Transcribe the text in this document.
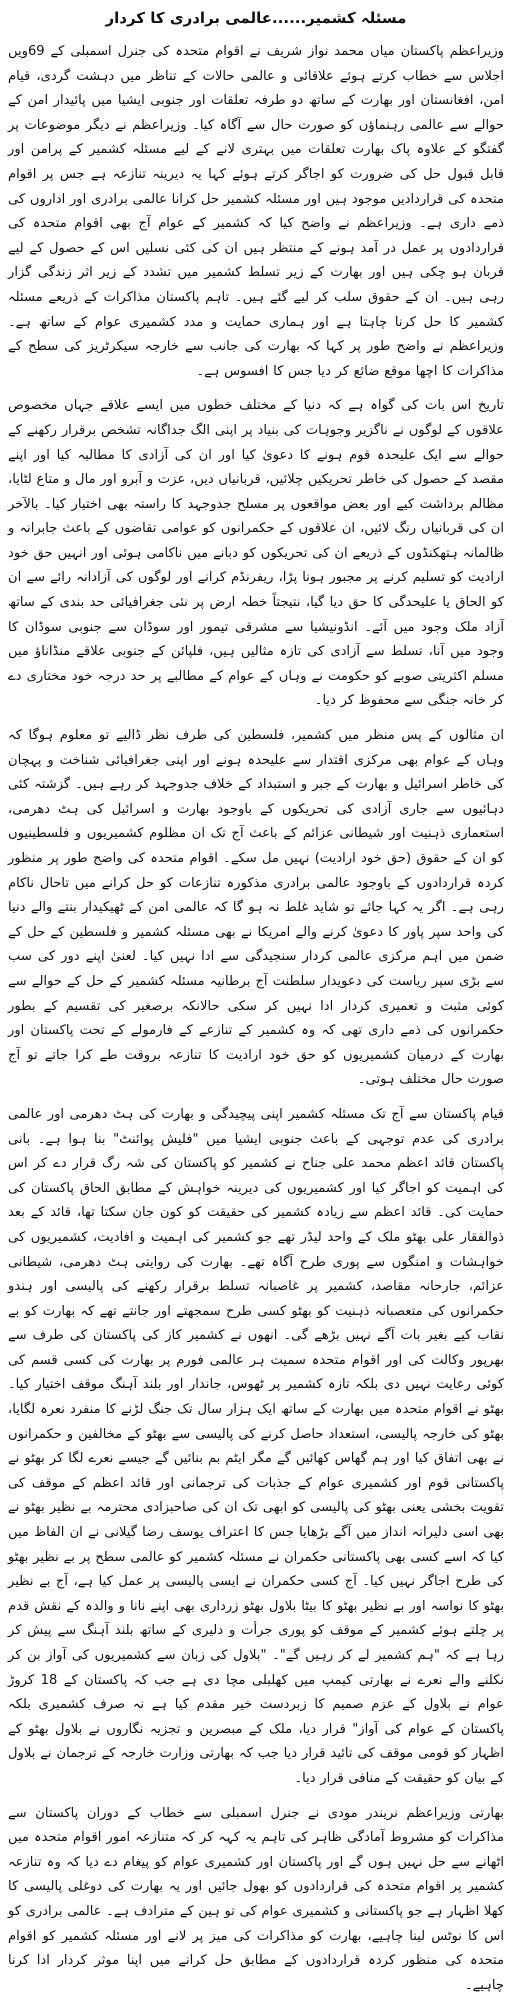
مسئلہ کشمیر......عالمی برادری کا کردار

وزیراعظم پاکستان میاں محمد نواز شریف نے اقوام متحدہ کی جنرل اسمبلی کے 69ویں اجلاس سے خطاب کرتے ہوئے علاقائی و عالمی حالات کے تناظر میں دہشت گردی، قیام امن، افغانستان اور بھارت کے ساتھ دو طرفہ تعلقات اور جنوبی ایشیا میں پائیدار امن کے حوالے سے عالمی رہنماؤں کو صورت حال سے آگاہ کیا۔ وزیراعظم نے دیگر موضوعات پر گفتگو کے علاوہ پاک بھارت تعلقات میں بہتری لانے کے لیے مسئلہ کشمیر کے پرامن اور قابل قبول حل کی ضرورت کو اجاگر کرتے ہوئے کہا یہ دیرینہ تنازعہ ہے جس پر اقوام متحدہ کی قراردادیں موجود ہیں اور مسئلہ کشمیر حل کرانا عالمی برادری اور اداروں کی ذمے داری ہے۔ وزیراعظم نے واضح کیا کہ کشمیر کے عوام آج بھی اقوام متحدہ کی قراردادوں پر عمل در آمد ہونے کے منتظر ہیں ان کی کئی نسلیں اس کے حصول کے لیے قربان ہو چکی ہیں اور بھارت کے زیر تسلط کشمیر میں تشدد کے زیر اثر زندگی گزار رہی ہیں۔ ان کے حقوق سلب کر لیے گئے ہیں۔ تاہم پاکستان مذاکرات کے ذریعے مسئلہ کشمیر کا حل کرنا چاہتا ہے اور ہماری حمایت و مدد کشمیری عوام کے ساتھ ہے۔ وزیراعظم نے واضح طور پر کہا کہ بھارت کی جانب سے خارجہ سیکرٹریز کی سطح کے مذاکرات کا اچھا موقع ضائع کر دیا جس کا افسوس ہے۔

تاریخ اس بات کی گواہ ہے کہ دنیا کے مختلف خطوں میں ایسے علاقے جہاں مخصوص علاقوں کے لوگوں نے ناگزیر وجوہات کی بنیاد پر اپنی الگ جداگانہ تشخص برقرار رکھنے کے حوالے سے ایک علیحدہ قوم ہونے کا دعویٰ کیا اور ان کی آزادی کا مطالبہ کیا اور اپنے مقصد کے حصول کی خاطر تحریکیں چلائیں، قربانیاں دیں، عزت و آبرو اور مال و متاع لٹایا، مظالم برداشت کیے اور بعض مواقعوں پر مسلح جدوجہد کا راستہ بھی اختیار کیا۔ بالآخر ان کی قربانیاں رنگ لائیں، ان علاقوں کے حکمرانوں کو عوامی تقاضوں کے باعث جابرانہ و ظالمانہ ہتھکنڈوں کے ذریعے ان کی تحریکوں کو دبانے میں ناکامی ہوئی اور انہیں حق خود ارادیت کو تسلیم کرنے پر مجبور ہونا پڑا، ریفرنڈم کرانے اور لوگوں کی آزادانہ رائے سے ان کو الحاق یا علیحدگی کا حق دیا گیا، نتیجتاً خطہ ارض پر نئی جغرافیائی حد بندی کے ساتھ آزاد ملک وجود میں آئے۔ انڈونیشیا سے مشرقی تیمور اور سوڈان سے جنوبی سوڈان کا وجود میں آنا، تسلط سے آزادی کی تازہ مثالیں ہیں، فلپائن کے جنوبی علاقے منڈاناؤ میں مسلم اکثریتی صوبے کو حکومت نے وہاں کے عوام کے مطالبے پر حد درجہ خود مختاری دے کر خانہ جنگی سے محفوظ کر دیا۔

ان مثالوں کے پس منظر میں کشمیر، فلسطین کی طرف نظر ڈالیے تو معلوم ہوگا کہ وہاں کے عوام بھی مرکزی اقتدار سے علیحدہ ہونے اور اپنی جغرافیائی شناخت و پہچان کی خاطر اسرائیل و بھارت کے جبر و استبداد کے خلاف جدوجہد کر رہے ہیں۔ گزشتہ کئی دہائیوں سے جاری آزادی کی تحریکوں کے باوجود بھارت و اسرائیل کی ہٹ دھرمی، استعماری ذہنیت اور شیطانی عزائم کے باعث آج تک ان مظلوم کشمیریوں و فلسطینیوں کو ان کے حقوق (حق خود ارادیت) نہیں مل سکے۔ اقوام متحدہ کی واضح طور پر منظور کردہ قراردادوں کے باوجود عالمی برادری مذکورہ تنازعات کو حل کرانے میں تاحال ناکام رہی ہے۔ اگر یہ کہا جائے تو شاید غلط نہ ہو گا کہ عالمی امن کے ٹھیکیدار بنتے والے دنیا کی واحد سپر پاور کا دعویٰ کرنے والے امریکا نے بھی مسئلہ کشمیر و فلسطین کے حل کے ضمن میں اہم مرکزی عالمی کردار سنجیدگی سے ادا نہیں کیا۔ لعنیٰ اپنے دور کی سب سے بڑی سپر ریاست کی دعویدار سلطنت آج برطانیہ مسئلہ کشمیر کے حل کے حوالے سے کوئی مثبت و تعمیری کردار ادا نہیں کر سکی حالانکہ برصغیر کی تقسیم کے بطور حکمرانوں کی ذمے داری تھی کہ وہ کشمیر کے تنازعے کے فارمولے کے تحت پاکستان اور بھارت کے درمیان کشمیریوں کو حق خود ارادیت کا تنازعہ بروقت طے کرا جاتے تو آج صورت حال مختلف ہوتی۔

قیام پاکستان سے آج تک مسئلہ کشمیر اپنی پیچیدگی و بھارت کی ہٹ دھرمی اور عالمی برادری کی عدم توجہی کے باعث جنوبی ایشیا میں "فلیش پوائنٹ" بنا ہوا ہے۔ بانی پاکستان قائد اعظم محمد علی جناح نے کشمیر کو پاکستان کی شہ رگ قرار دے کر اس کی اہمیت کو اجاگر کیا اور کشمیریوں کی دیرینہ خواہش کے مطابق الحاق پاکستان کی حمایت کی۔ قائد اعظم سے زیادہ کشمیر کی حقیقت کو کون جان سکتا تھا، قائد کے بعد ذوالفقار علی بھٹو ملک کے واحد لیڈر تھے جو کشمیر کی اہمیت و افادیت، کشمیریوں کی خواہشات و امنگوں سے پوری طرح آگاہ تھے۔ بھارت کی روایتی ہٹ دھرمی، شیطانی عزائم، جارحانہ مقاصد، کشمیر پر غاصبانہ تسلط برقرار رکھنے کی پالیسی اور ہندو حکمرانوں کی متعصبانہ ذہنیت کو بھٹو کسی طرح سمجھتے اور جانتے تھے کہ بھارت کو بے نقاب کیے بغیر بات آگے نہیں بڑھے گی۔ انھوں نے کشمیر کاز کی پاکستان کی طرف سے بھرپور وکالت کی اور اقوام متحدہ سمیت ہر عالمی فورم پر بھارت کی کسی قسم کی کوئی رعایت نہیں دی بلکہ تازہ کشمیر پر ٹھوس، جاندار اور بلند آہنگ موقف اختیار کیا۔ بھٹو نے اقوام متحدہ میں بھارت کے ساتھ ایک ہزار سال تک جنگ لڑنے کا منفرد نعرہ لگایا، بھٹو کی خارجہ پالیسی، استعداد حاصل کرنے کی پالیسی سے بھٹو کے مخالفین و حکمرانوں نے بھی اتفاق کیا اور ہم گھاس کھائیں گے مگر ایٹم بم بنائیں گے جیسے نعرے لگا کر بھٹو نے پاکستانی قوم اور کشمیری عوام کے جذبات کی ترجمانی اور قائد اعظم کے موقف کی تقویت بخشی یعنی بھٹو کی پالیسی کو ابھی تک ان کی صاحبزادی محترمہ بے نظیر بھٹو نے بھی اسی دلیرانہ انداز میں آگے بڑھایا جس کا اعتراف یوسف رضا گیلانی نے ان الفاظ میں کیا کہ اسے کسی بھی پاکستانی حکمران نے مسئلہ کشمیر کو عالمی سطح پر بے نظیر بھٹو کی طرح اجاگر نہیں کیا۔ آج کسی حکمران نے ایسی پالیسی پر عمل کیا ہے، آج بے نظیر بھٹو کا نواسہ اور بے نظیر بھٹو کا بیٹا بلاول بھٹو زرداری بھی اپنے نانا و والدہ کے نقش قدم پر چلتے ہوئے کشمیر کے موقف کو پوری جرأت و دلیری کے ساتھ بلند آہنگ سے پیش کر رہا ہے کہ "ہم کشمیر لے کر رہیں گے"۔ "بلاول کی زبان سے کشمیریوں کی آواز بن کر نکلنے والے نعرے نے بھارتی کیمپ میں کھلبلی مچا دی ہے جب کہ پاکستان کے 18 کروڑ عوام نے بلاول کے عزم صمیم کا زبردست خیر مقدم کیا ہے نہ صرف کشمیری بلکہ پاکستان کے عوام کی آواز" قرار دیا، ملک کے مبصرین و تجزیہ نگاروں نے بلاول بھٹو کے اظہار کو قومی موقف کی تائید قرار دیا جب کہ بھارتی وزارت خارجہ کے ترجمان نے بلاول کے بیان کو حقیقت کے منافی قرار دیا۔

بھارتی وزیراعظم نریندر مودی نے جنرل اسمبلی سے خطاب کے دوران پاکستان سے مذاکرات کو مشروط آمادگی ظاہر کی تاہم یہ کہہ کر کہ متنازعہ امور اقوام متحدہ میں اٹھانے سے حل نہیں ہوں گے اور پاکستان اور کشمیری عوام کو پیغام دے دیا کہ وہ تنازعہ کشمیر پر اقوام متحدہ کی قراردادوں کو بھول جائیں اور یہ بھارت کی دوغلی پالیسی کا کھلا اظہار ہے جو پاکستانی و کشمیری عوام کی تو ہین کے مترادف ہے۔ عالمی برادری کو اس کا نوٹس لینا چاہیے، بھارت کو مذاکرات کی میز پر لانے اور مسئلہ کشمیر کو اقوام متحدہ کی منظور کردہ قراردادوں کے مطابق حل کرانے میں اپنا موثر کردار ادا کرنا چاہیے۔
